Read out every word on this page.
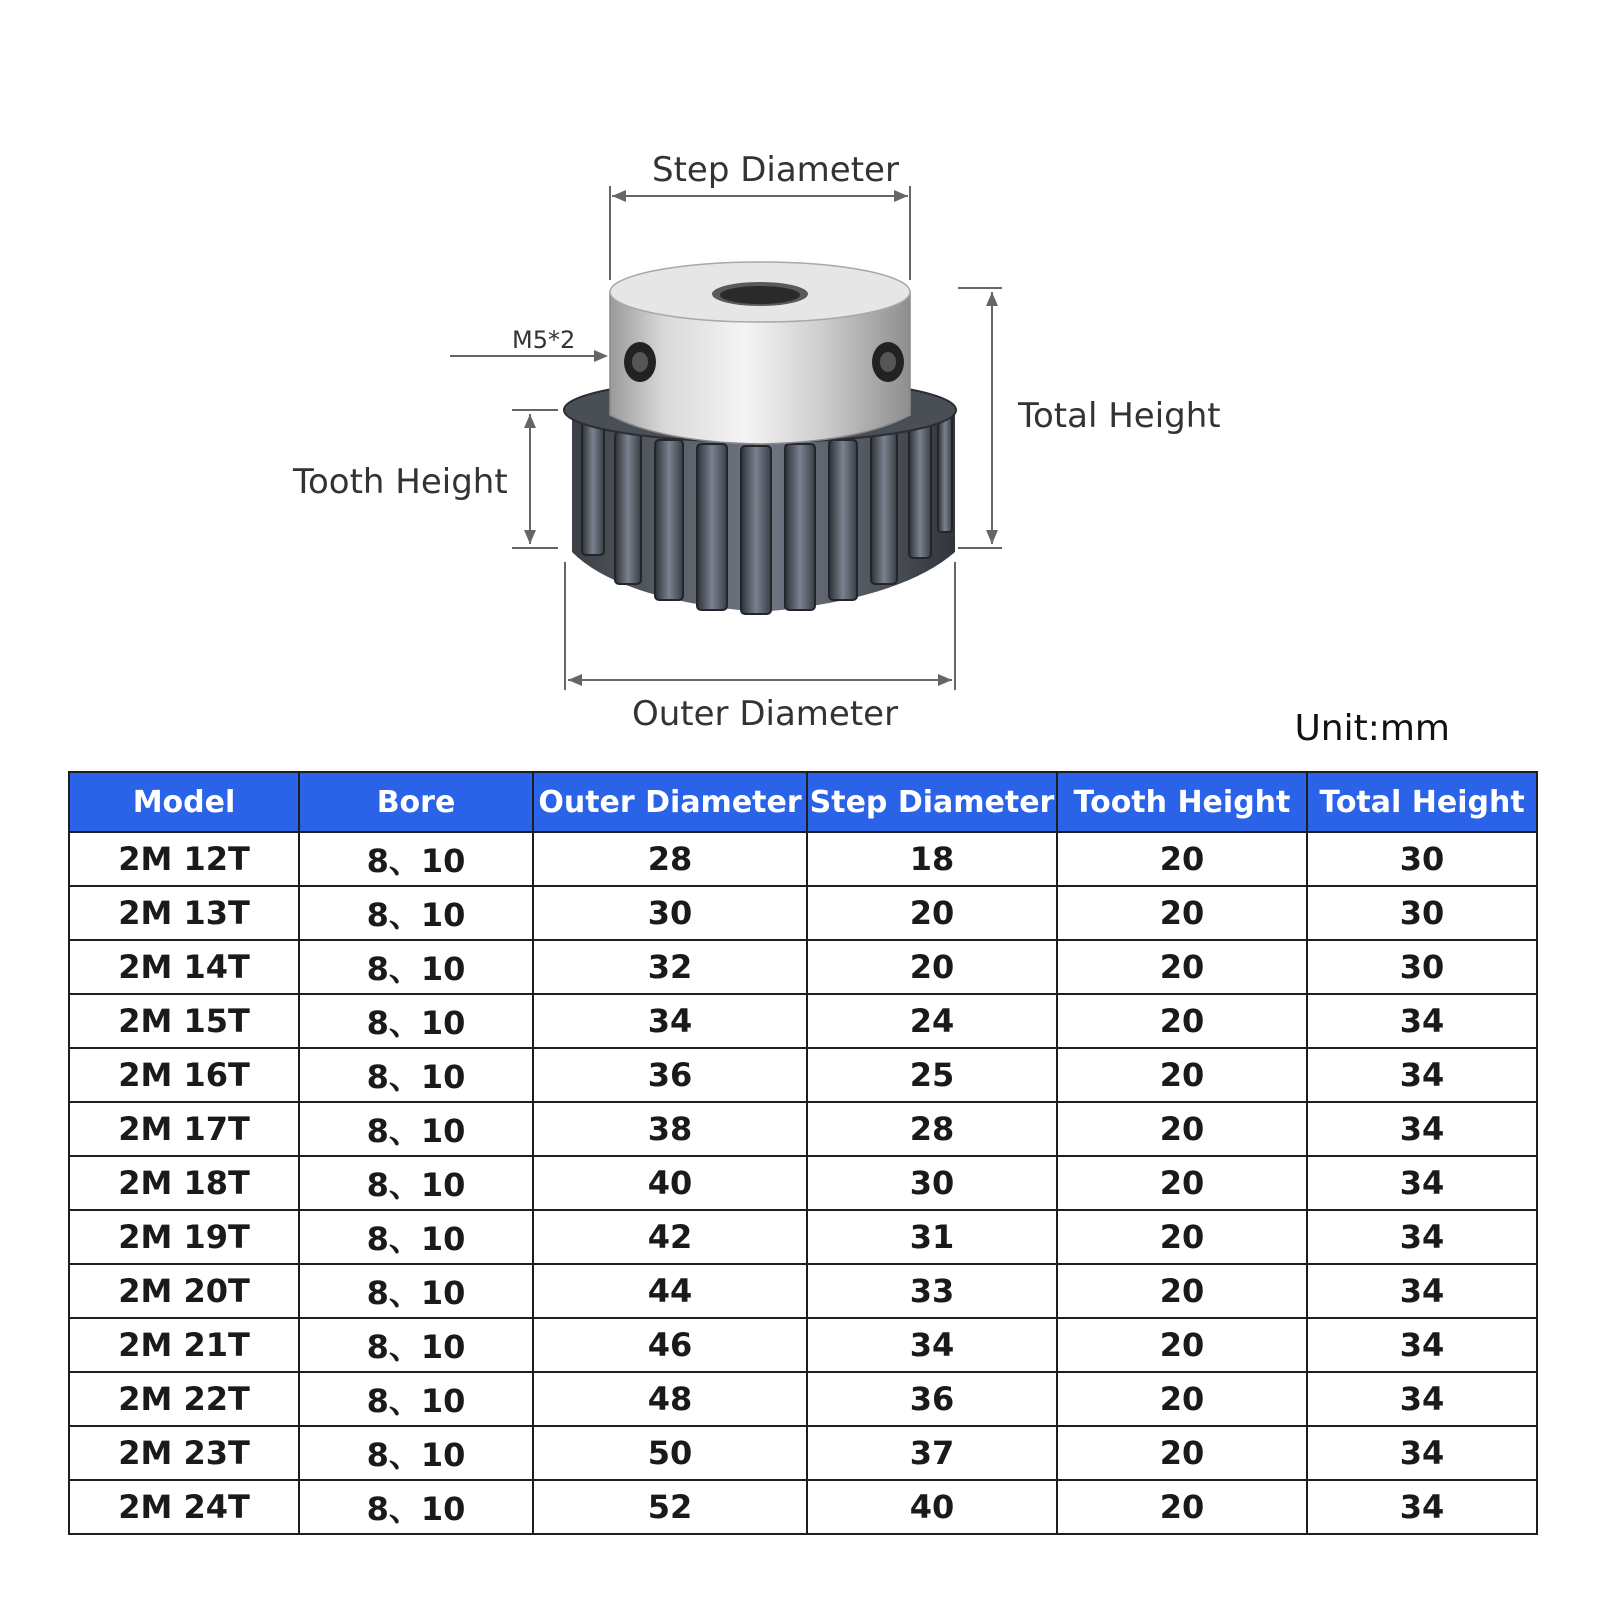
Step Diameter
Total Height
Tooth Height
Outer Diameter
M5*2
Unit:mm
Model	Bore	Outer Diameter	Step Diameter	Tooth Height	Total Height
2M 12T	8、10	28	18	20	30
2M 13T	8、10	30	20	20	30
2M 14T	8、10	32	20	20	30
2M 15T	8、10	34	24	20	34
2M 16T	8、10	36	25	20	34
2M 17T	8、10	38	28	20	34
2M 18T	8、10	40	30	20	34
2M 19T	8、10	42	31	20	34
2M 20T	8、10	44	33	20	34
2M 21T	8、10	46	34	20	34
2M 22T	8、10	48	36	20	34
2M 23T	8、10	50	37	20	34
2M 24T	8、10	52	40	20	34
